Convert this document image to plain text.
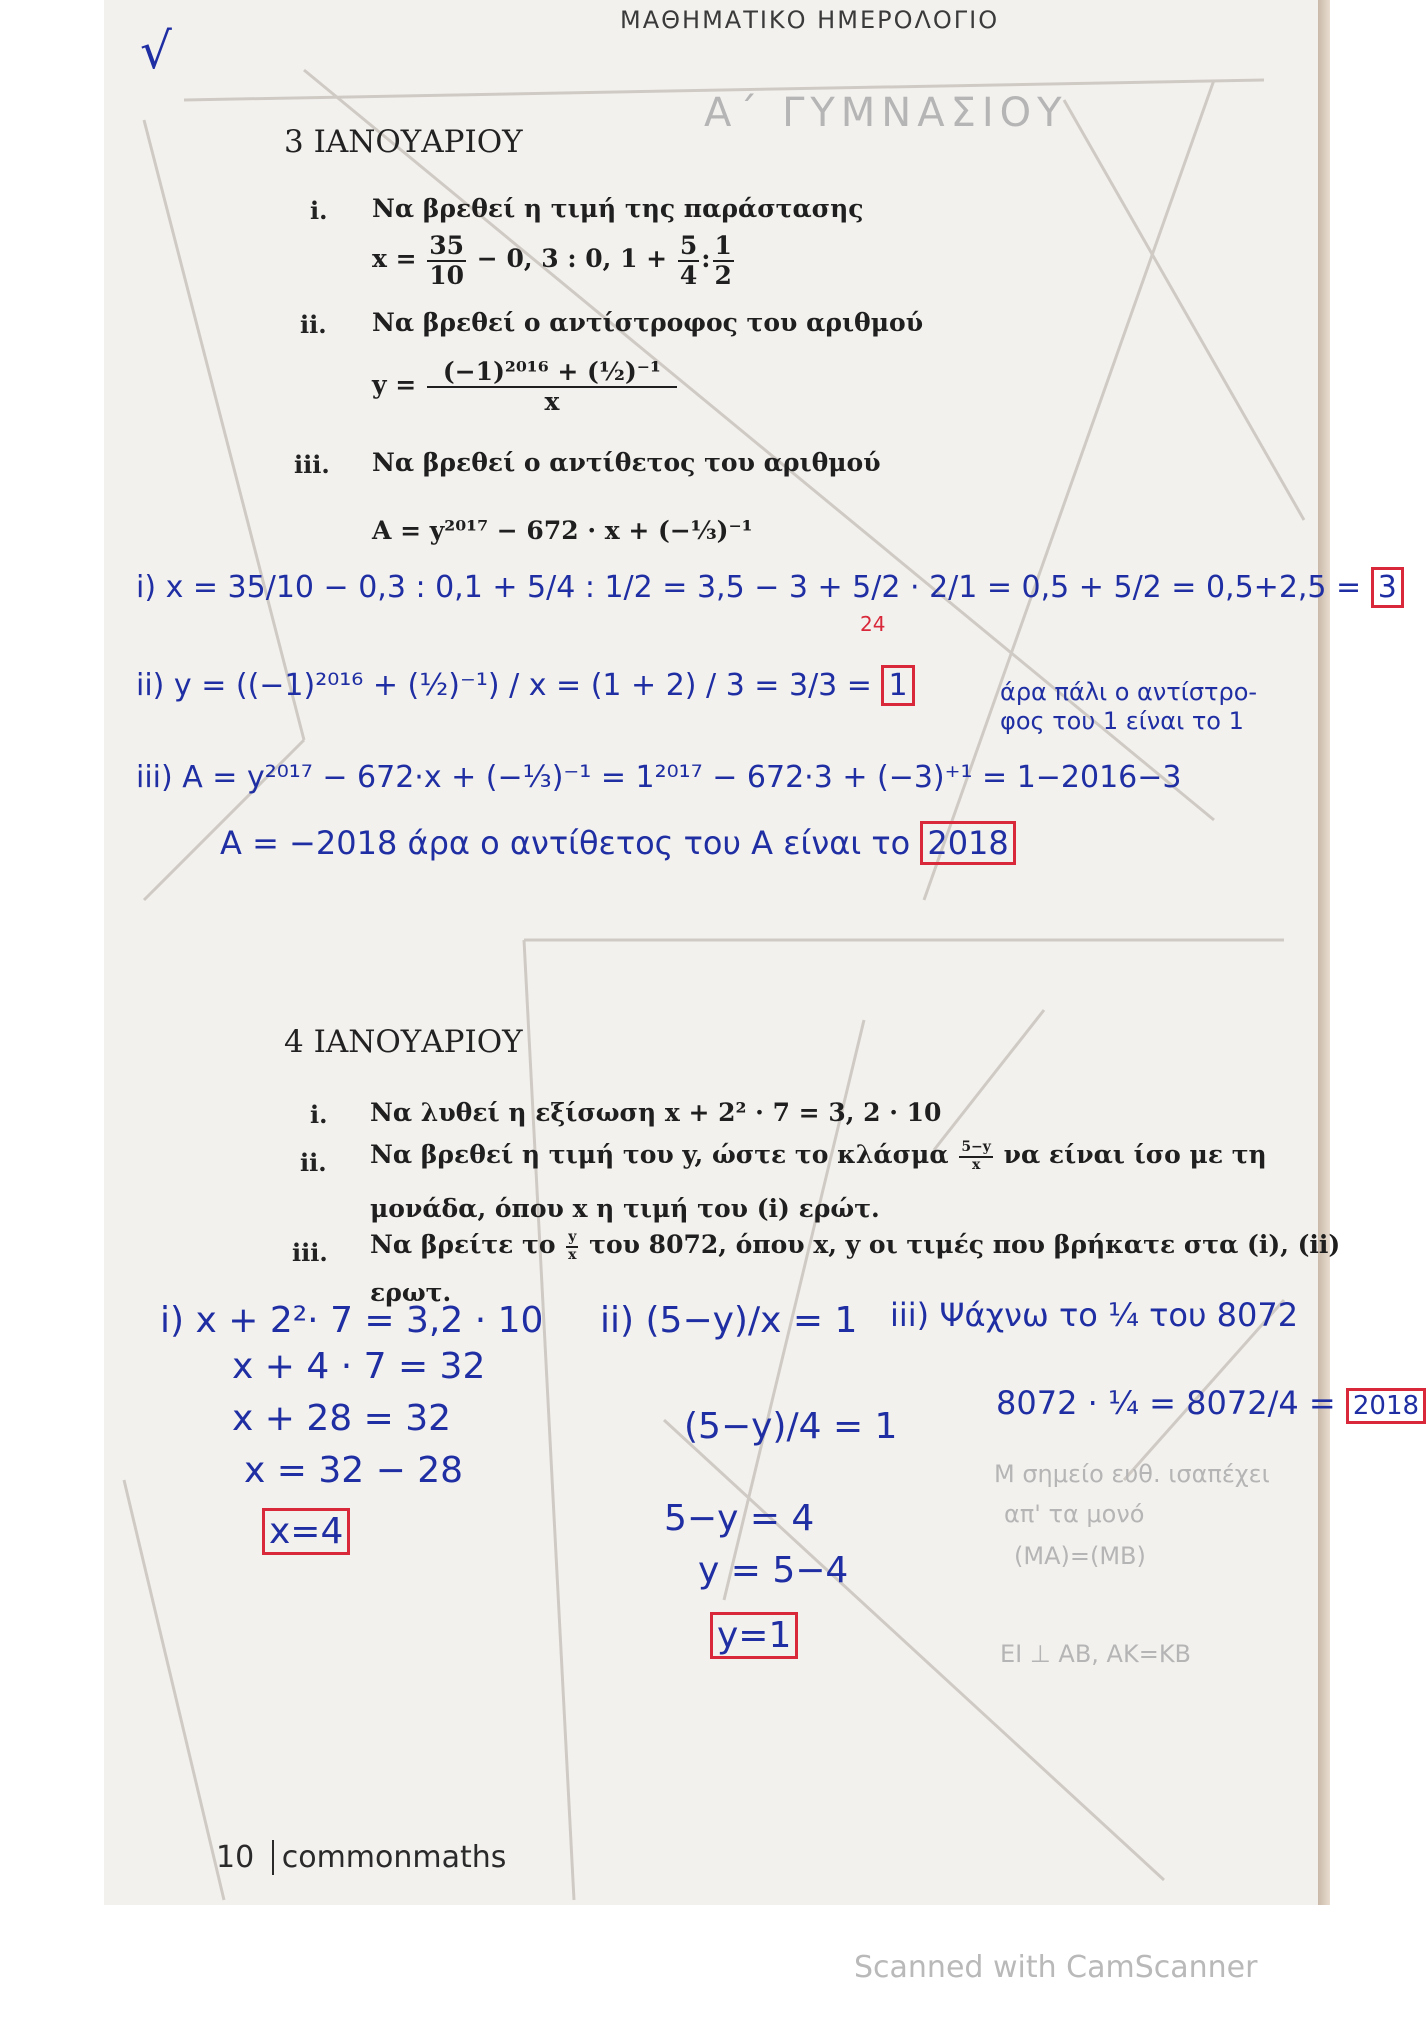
Α΄ ΓΥΜΝΑΣΙΟΥ
Μ σημείο ευθ. ισαπέχει
απ' τα μονό
(ΜΑ)=(ΜΒ)
ΕΙ ⊥ ΑΒ, ΑΚ=ΚΒ
ΜΑΘΗΜΑΤΙΚΟ ΗΜΕΡΟΛΟΓΙΟ
√
3 ΙΑΝΟΥΑΡΙΟΥ
i. Να βρεθεί η τιμή της παράστασης
$x = \frac{35}{10} - 0$, 3 : 0, $1 + \frac{5}{4}$ : $\frac{1}{2}$
ii. Να βρεθεί ο αντίστροφος του αριθμού
$y = \frac{\text{(−1)²⁰¹⁶ + (½)⁻¹}}{x}$
iii. Να βρεθεί ο αντίθετος του αριθμού
A = y²⁰¹⁷ − 672 · x + (−⅓)⁻¹
i) x = 35/10 − 0,3 : 0,1 + 5/4 : 1/2 = 3,5 − 3 + 5/2 · 2/1 = 0,5 + 5/2 = 0,5+2,5 = 3
24
ii) y = ((−1)²⁰¹⁶ + (½)⁻¹) / x = (1 + 2) / 3 = 3/3 = 1	άρα πάλι ο αντίστρο- φος του 1 είναι το 1
iii) A = y²⁰¹⁷ − 672·x + (−⅓)⁻¹ = 1²⁰¹⁷ − 672·3 + (−3)⁺¹ = 1−2016−3
A = −2018 άρα ο αντίθετος του A είναι το 2018
4 ΙΑΝΟΥΑΡΙΟΥ
i. Να λυθεί η εξίσωση x + 2² · 7 = 3, 2 · 10
ii. Να βρεθεί η τιμή του y, ώστε το κλάσμα $\frac{5-y}{x}$ να είναι ίσο με τη
μονάδα, όπου x η τιμή του (i) ερώτ.
iii. Να βρείτε το $\frac{y}{x}$ του 8072, όπου x, y οι τιμές που βρήκατε στα (i), (ii)
ερωτ.
i) x + 2²· 7 = 3,2 · 10
x + 4 · 7 = 32
x + 28 = 32
x = 32 − 28
x=4
ii) (5−y)/x = 1
(5−y)/4 = 1
5−y = 4
y = 5−4
y=1
iii) Ψάχνω το ¼ του 8072
8072 · ¼ = 8072/4 = 2018
10 commonmaths
Scanned with CamScanner
